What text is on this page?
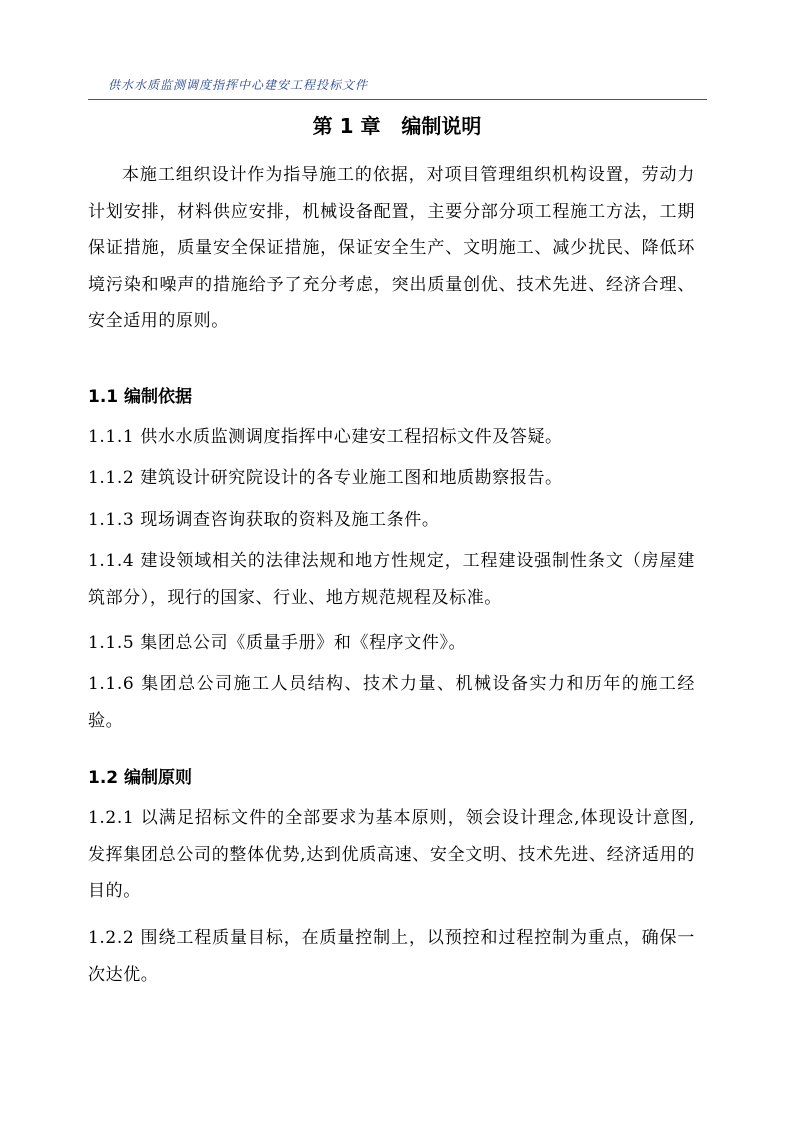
供水水质监测调度指挥中心建安工程投标文件
第 1 章   编制说明
本施工组织设计作为指导施工的依据，对项目管理组织机构设置，劳动力计划安排，材料供应安排，机械设备配置，主要分部分项工程施工方法，工期保证措施，质量安全保证措施，保证安全生产、文明施工、减少扰民、降低环境污染和噪声的措施给予了充分考虑，突出质量创优、技术先进、经济合理、安全适用的原则。
1.1 编制依据
1.1.1 供水水质监测调度指挥中心建安工程招标文件及答疑。
1.1.2 建筑设计研究院设计的各专业施工图和地质勘察报告。
1.1.3 现场调查咨询获取的资料及施工条件。
1.1.4 建设领域相关的法律法规和地方性规定，工程建设强制性条文（房屋建筑部分），现行的国家、行业、地方规范规程及标准。
1.1.5 集团总公司《质量手册》和《程序文件》。
1.1.6 集团总公司施工人员结构、技术力量、机械设备实力和历年的施工经验。
1.2 编制原则
1.2.1 以满足招标文件的全部要求为基本原则，领会设计理念,体现设计意图,发挥集团总公司的整体优势,达到优质高速、安全文明、技术先进、经济适用的目的。
1.2.2 围绕工程质量目标，在质量控制上，以预控和过程控制为重点，确保一次达优。
